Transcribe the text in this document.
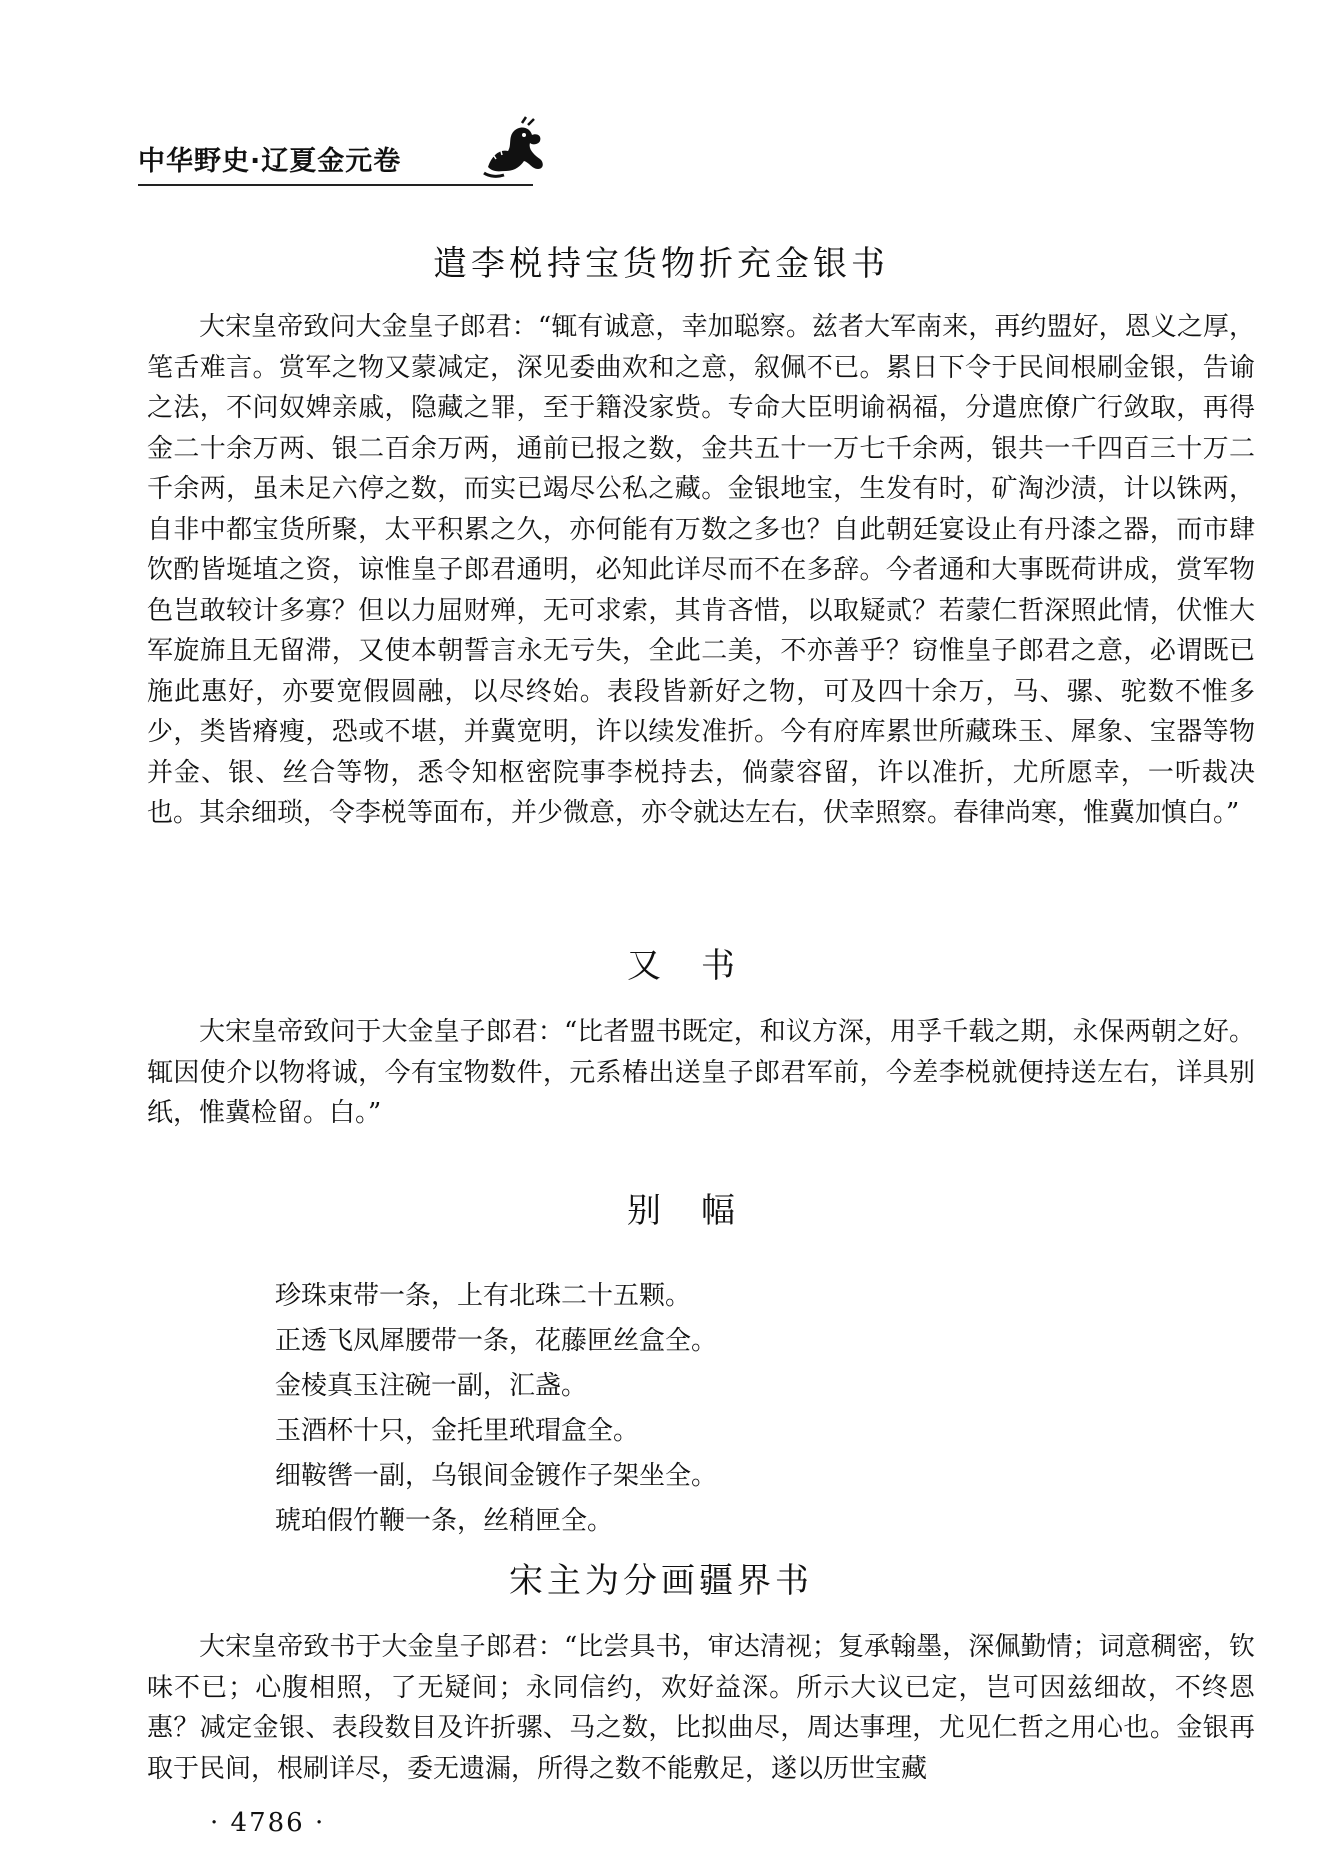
中华野史·辽夏金元卷
遣李棁持宝货物折充金银书

大宋皇帝致问大金皇子郎君：“辄有诚意，幸加聪察。兹者大军南来，再约盟好，恩义之厚，笔舌难言。赏军之物又蒙减定，深见委曲欢和之意，叙佩不已。累日下令于民间根刷金银，告谕之法，不问奴婢亲戚，隐藏之罪，至于籍没家赀。专命大臣明谕祸福，分遣庶僚广行敛取，再得金二十余万两、银二百余万两，通前已报之数，金共五十一万七千余两，银共一千四百三十万二千余两，虽未足六停之数，而实已竭尽公私之藏。金银地宝，生发有时，矿淘沙渍，计以铢两，自非中都宝货所聚，太平积累之久，亦何能有万数之多也？自此朝廷宴设止有丹漆之器，而市肆饮酌皆埏埴之资，谅惟皇子郎君通明，必知此详尽而不在多辞。今者通和大事既荷讲成，赏军物色岂敢较计多寡？但以力屈财殚，无可求索，其肯吝惜，以取疑贰？若蒙仁哲深照此情，伏惟大军旋旆且无留滞，又使本朝誓言永无亏失，全此二美，不亦善乎？窃惟皇子郎君之意，必谓既已施此惠好，亦要宽假圆融，以尽终始。表段皆新好之物，可及四十余万，马、骡、驼数不惟多少，类皆瘠瘦，恐或不堪，并冀宽明，许以续发准折。今有府库累世所藏珠玉、犀象、宝器等物并金、银、丝合等物，悉令知枢密院事李棁持去，倘蒙容留，许以准折，尤所愿幸，一听裁决也。其余细琐，令李棁等面布，并少微意，亦令就达左右，伏幸照察。春律尚寒，惟冀加慎白。”

又书

大宋皇帝致问于大金皇子郎君：“比者盟书既定，和议方深，用孚千载之期，永保两朝之好。辄因使介以物将诚，今有宝物数件，元系椿出送皇子郎君军前，今差李棁就便持送左右，详具别纸，惟冀检留。白。”

别幅
珍珠束带一条，上有北珠二十五颗。
正透飞凤犀腰带一条，花藤匣丝盒全。
金棱真玉注碗一副，汇盏。
玉酒杯十只，金托里玳瑁盒全。
细鞍辔一副，乌银间金镀作子架坐全。
琥珀假竹鞭一条，丝稍匣全。
宋主为分画疆界书

大宋皇帝致书于大金皇子郎君：“比尝具书，审达清视；复承翰墨，深佩勤情；词意稠密，钦味不已；心腹相照，了无疑间；永同信约，欢好益深。所示大议已定，岂可因兹细故，不终恩惠？减定金银、表段数目及许折骡、马之数，比拟曲尽，周达事理，尤见仁哲之用心也。金银再取于民间，根刷详尽，委无遗漏，所得之数不能敷足，遂以历世宝藏

· 4786 ·
